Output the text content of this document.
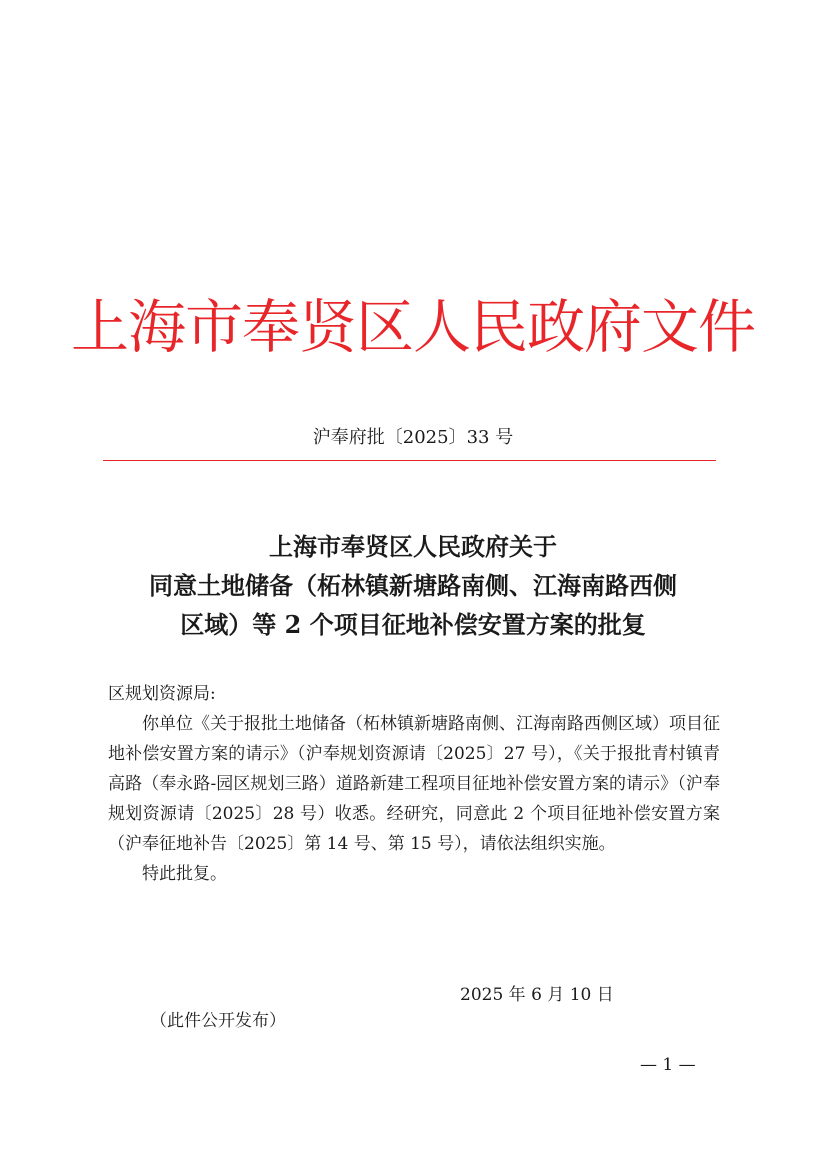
上海市奉贤区人民政府文件
沪奉府批〔2025〕33 号
上海市奉贤区人民政府关于
同意土地储备（柘林镇新塘路南侧、江海南路西侧
区域）等 2 个项目征地补偿安置方案的批复

区规划资源局:

你单位《关于报批土地储备（柘林镇新塘路南侧、江海南路西侧区域）项目征地补偿安置方案的请示》（沪奉规划资源请〔2025〕27 号），《关于报批青村镇青高路（奉永路-园区规划三路）道路新建工程项目征地补偿安置方案的请示》（沪奉规划资源请〔2025〕28 号）收悉。经研究，同意此 2 个项目征地补偿安置方案（沪奉征地补告〔2025〕第 14 号、第 15 号），请依法组织实施。

特此批复。

2025 年 6 月 10 日
（此件公开发布）
— 1 —
